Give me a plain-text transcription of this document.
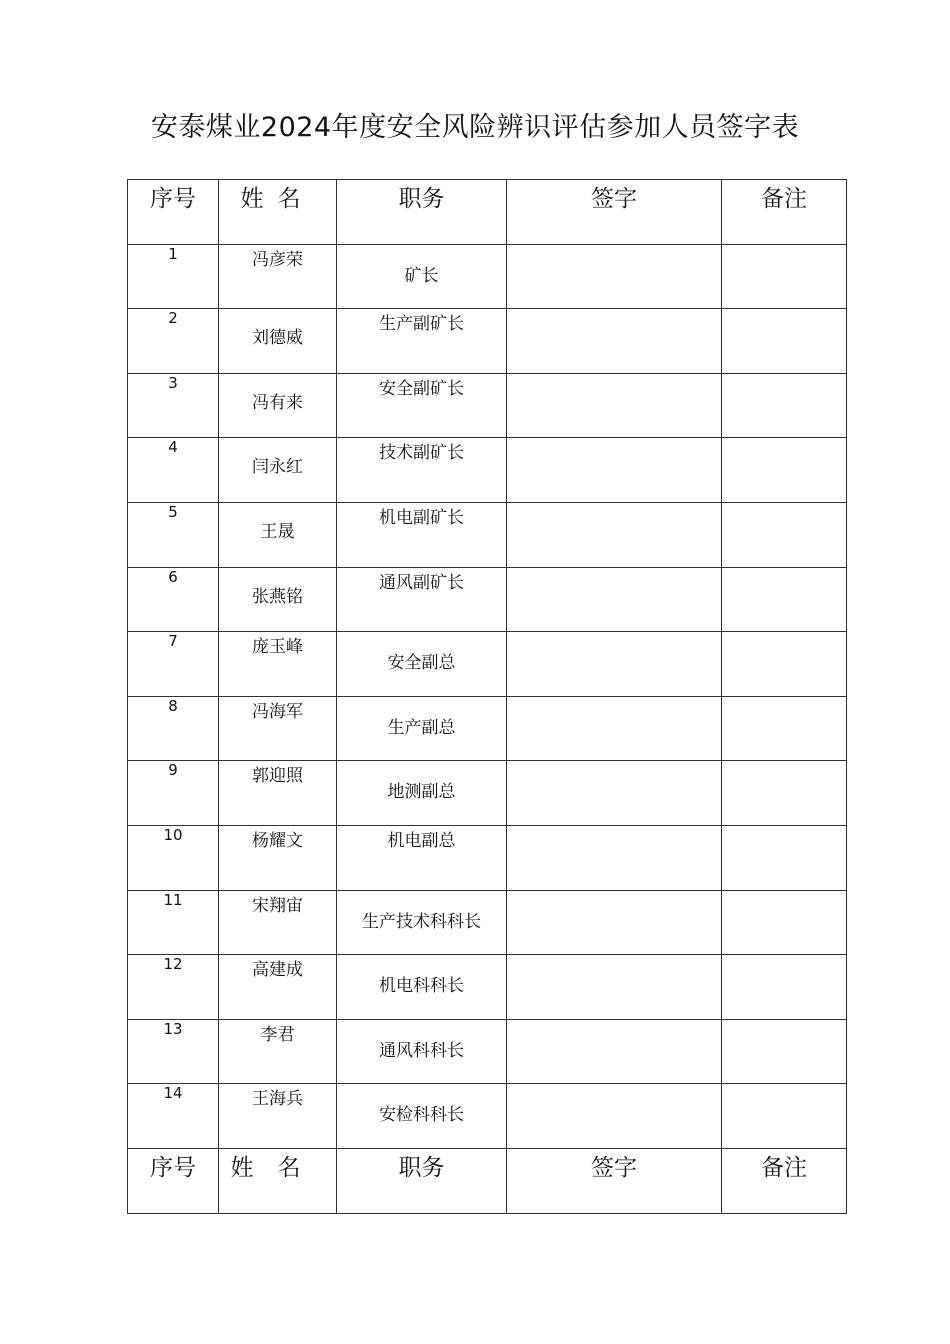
安泰煤业2024年度安全风险辨识评估参加人员签字表
序号	姓名	职务	签字	备注
1	冯彦荣	矿长		
2	刘德威	生产副矿长		
3	冯有来	安全副矿长		
4	闫永红	技术副矿长		
5	王晟	机电副矿长		
6	张燕铭	通风副矿长		
7	庞玉峰	安全副总		
8	冯海军	生产副总		
9	郭迎照	地测副总		
10	杨耀文	机电副总		
11	宋翔宙	生产技术科科长		
12	高建成	机电科科长		
13	李君	通风科科长		
14	王海兵	安检科科长		
序号	姓名	职务	签字	备注
